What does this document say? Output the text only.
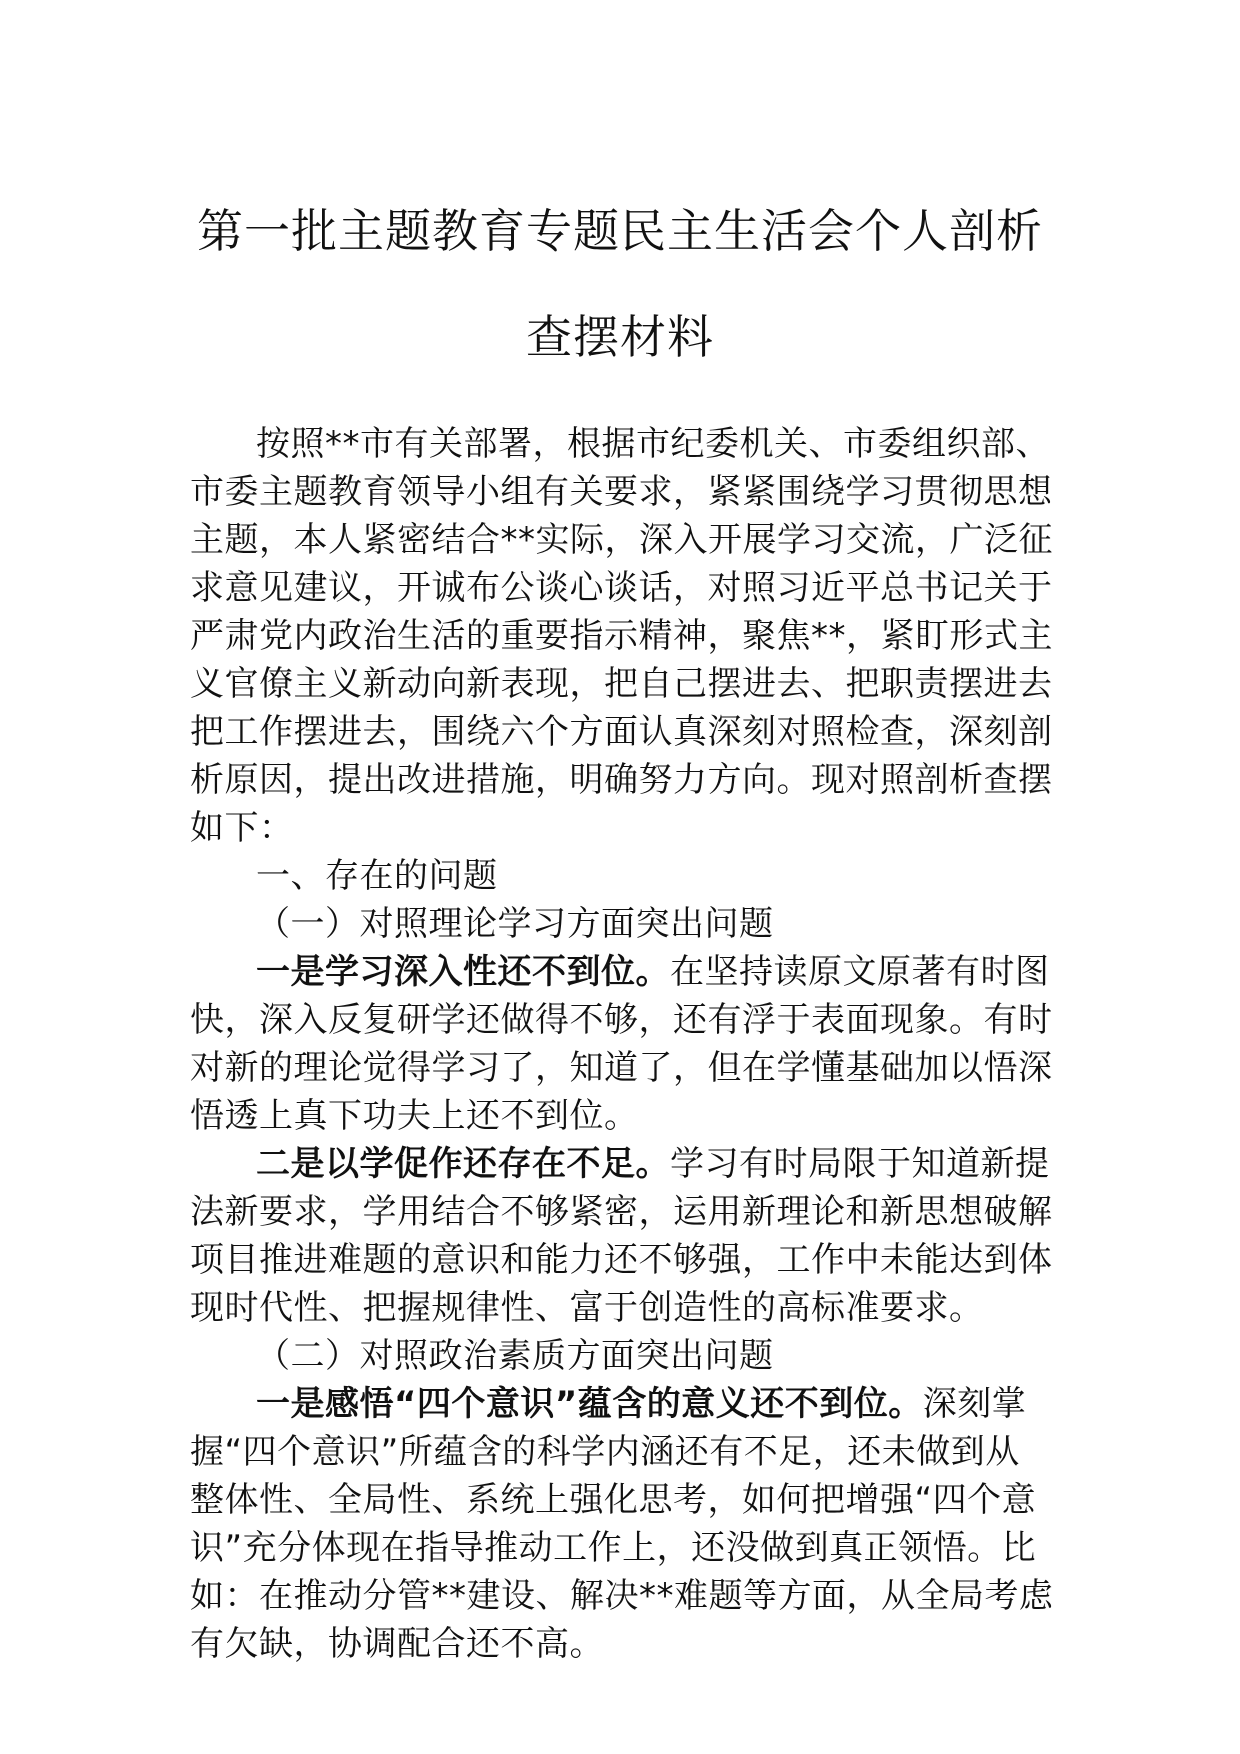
第一批主题教育专题民主生活会个人剖析
查摆材料
按照**市有关部署，根据市纪委机关、市委组织部、
市委主题教育领导小组有关要求，紧紧围绕学习贯彻思想
主题，本人紧密结合**实际，深入开展学习交流，广泛征
求意见建议，开诚布公谈心谈话，对照习近平总书记关于
严肃党内政治生活的重要指示精神，聚焦**，紧盯形式主
义官僚主义新动向新表现，把自己摆进去、把职责摆进去
把工作摆进去，围绕六个方面认真深刻对照检查，深刻剖
析原因，提出改进措施，明确努力方向。现对照剖析查摆
如下：
一、存在的问题
（一）对照理论学习方面突出问题
一是学习深入性还不到位。在坚持读原文原著有时图
快，深入反复研学还做得不够，还有浮于表面现象。有时
对新的理论觉得学习了，知道了，但在学懂基础加以悟深
悟透上真下功夫上还不到位。
二是以学促作还存在不足。学习有时局限于知道新提
法新要求，学用结合不够紧密，运用新理论和新思想破解
项目推进难题的意识和能力还不够强，工作中未能达到体
现时代性、把握规律性、富于创造性的高标准要求。
（二）对照政治素质方面突出问题
一是感悟“四个意识”蕴含的意义还不到位。深刻掌
握“四个意识”所蕴含的科学内涵还有不足，还未做到从
整体性、全局性、系统上强化思考，如何把增强“四个意
识”充分体现在指导推动工作上，还没做到真正领悟。比
如：在推动分管**建设、解决**难题等方面，从全局考虑
有欠缺，协调配合还不高。
